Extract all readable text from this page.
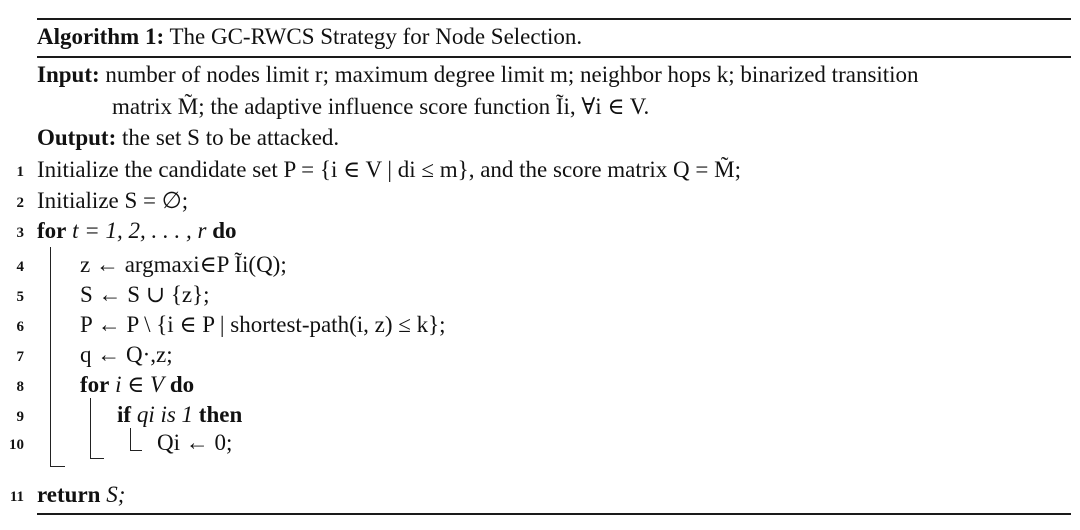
Algorithm 1: The GC-RWCS Strategy for Node Selection.
Input: number of nodes limit r; maximum degree limit m; neighbor hops k; binarized transition
matrix M̃; the adaptive influence score function Ĩi, ∀i ∈ V.
Output: the set S to be attacked.
1 Initialize the candidate set P = {i ∈ V | di ≤ m}, and the score matrix Q = M̃;
2 Initialize S = ∅;
3 for t = 1, 2, . . . , r do
4 z ← argmaxi∈P Ĩi(Q);
5 S ← S ∪ {z};
6 P ← P \ {i ∈ P | shortest-path(i, z) ≤ k};
7 q ← Q·,z;
8 for i ∈ V do
9	if qi is 1 then
10	Qi ← 0;
11 return S;
